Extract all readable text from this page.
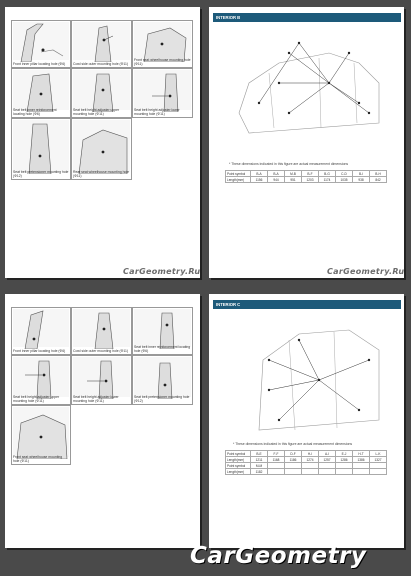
Front inner pillar locating hole (Φ6)	Cowl side outer mounting hole (Φ11)
Front seat wheelhouse mounting hole (Φ11)
Seat belt inner reinforcement locating hole (Φ6)
Seat belt height adjuster upper mounting hole (Φ11)
Seat belt height adjuster lower mounting hole (Φ11)
Seat belt pretensioner mounting hole (Φ12)
Rear seat wheelhouse mounting hole (Φ11)
CarGeometry.Ru
INTERIOR B
* These dimensions indicated in this figure are actual measurement dimensions
Point symbol	B-A	B-A	M-B	B-F	B-G	C-D	B-I	B-H
Length(mm)	1156	944	951	1203	1174	1035	938	842
CarGeometry.Ru
Front inner pillar locating hole (Φ6)	Cowl side outer mounting hole (Φ11)
Seat belt inner reinforcement locating hole (Φ6)
Seat belt height adjuster upper mounting hole (Φ11)
Seat belt height adjuster lower mounting hole (Φ11)
Seat belt pretensioner mounting hole (Φ12)
Front seat wheelhouse mounting hole (Φ11)
INTERIOR C
* These dimensions indicated in this figure are actual measurement dimensions
Point symbol	B-E	F-F	D-F	H-I	A-I	E-J	H-T	L-K
Length(mm)	1211	1168	1186	1274	1257	1286	1386	1327
Point symbol	M-M							
Length(mm)	1182							
CarGeometry
